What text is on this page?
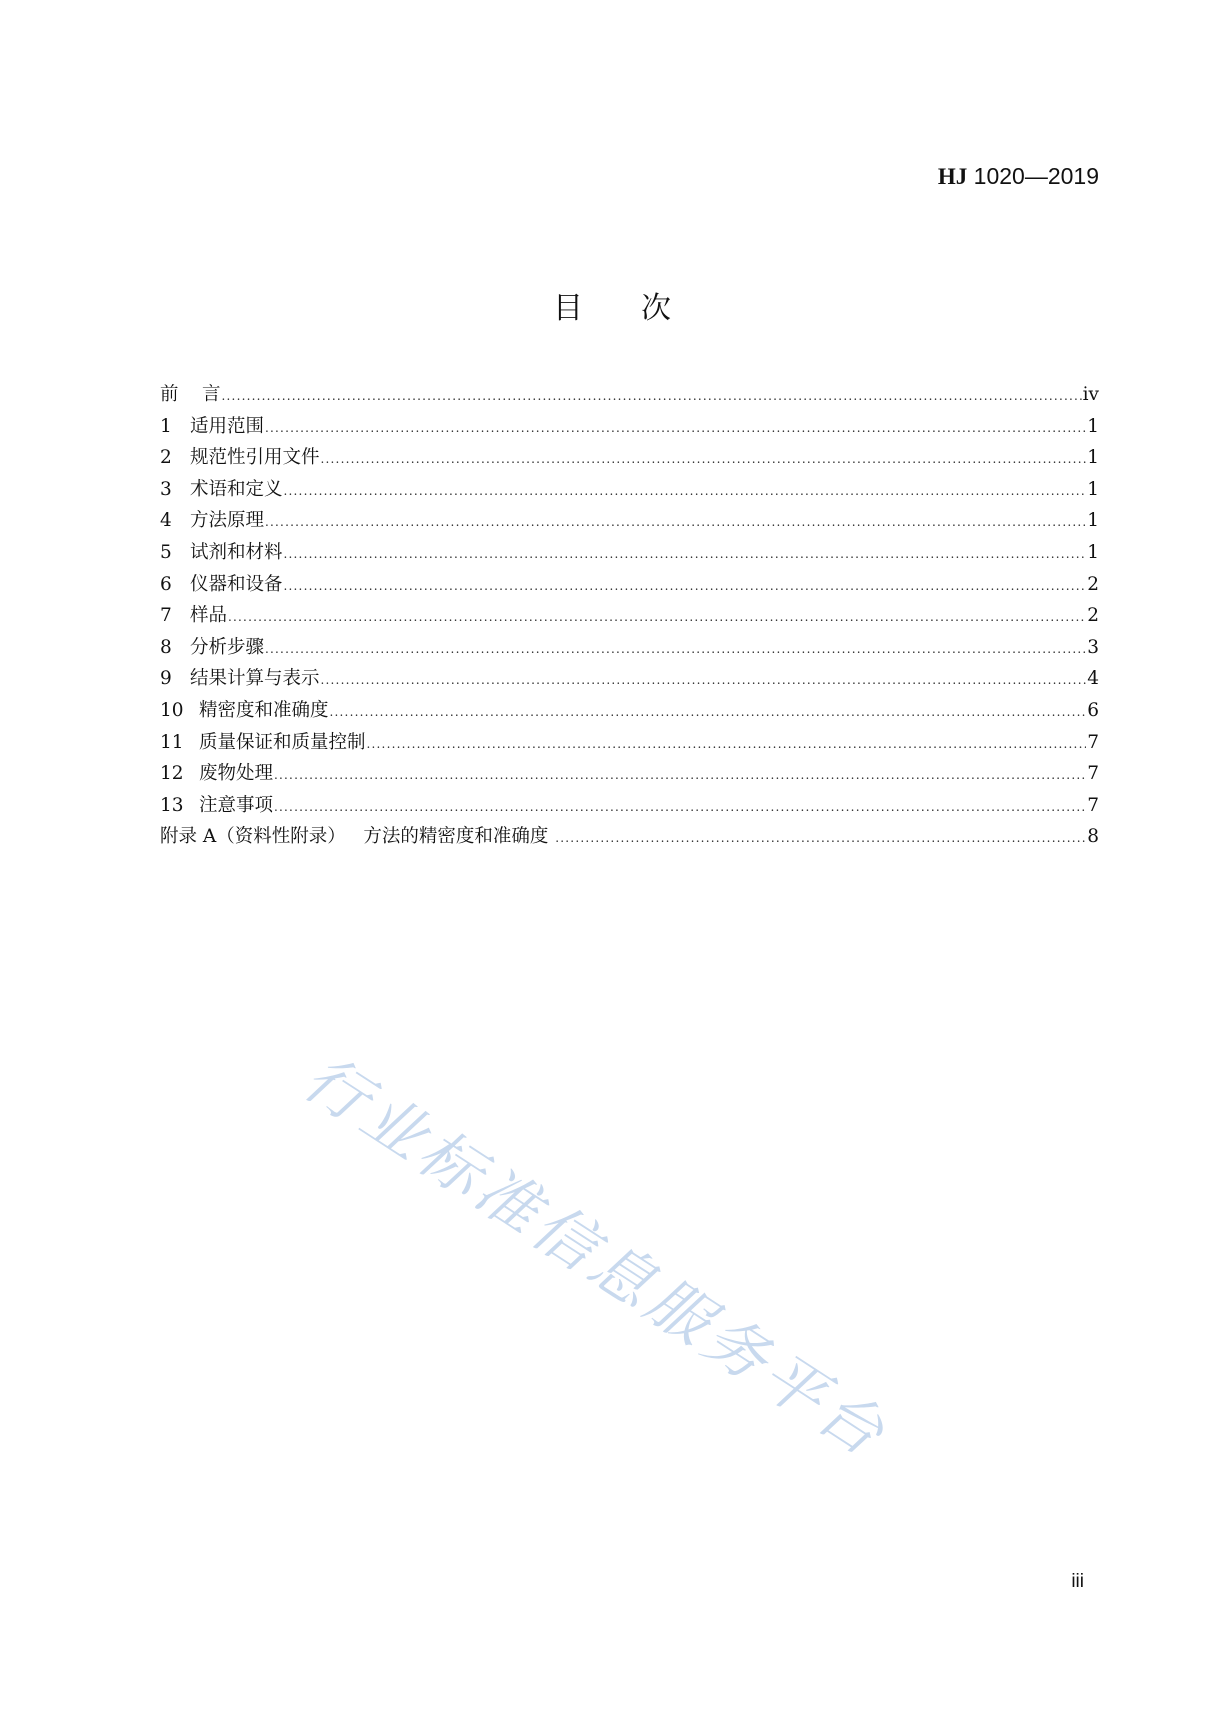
HJ 1020—2019
目次
前    言 .....	iv
1 适用范围 .....	1
2 规范性引用文件 .....	1
3 术语和定义 .....	1
4 方法原理 .....	1
5 试剂和材料 .....	1
6 仪器和设备 .....	2
7 样品 .....	2
8 分析步骤 .....	3
9 结果计算与表示 .....	4
10 精密度和准确度 .....	6
11 质量保证和质量控制 .....	7
12 废物处理 .....	7
13 注意事项 .....	7
附录 A（资料性附录）   方法的精密度和准确度 .....	8
行业标准信息服务平台
iii
